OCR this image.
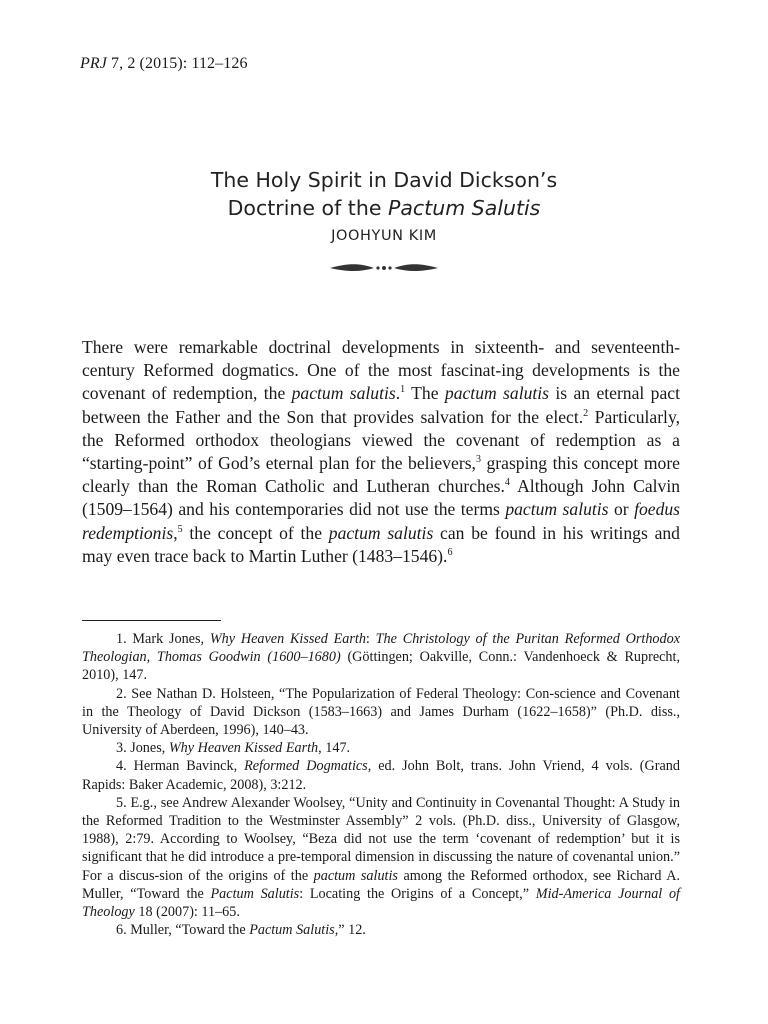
PRJ 7, 2 (2015): 112–126
The Holy Spirit in David Dickson’s
Doctrine of the Pactum Salutis
JOOHYUN KIM

There were remarkable doctrinal developments in sixteenth- and seventeenth-century Reformed dogmatics. One of the most fascinat-ing developments is the covenant of redemption, the pactum salutis.$^1$ The pactum salutis is an eternal pact between the Father and the Son that provides salvation for the elect.$^2$ Particularly, the Reformed orthodox theologians viewed the covenant of redemption as a “starting-point” of God’s eternal plan for the believers,$^3$ grasping this concept more clearly than the Roman Catholic and Lutheran churches.$^4$ Although John Calvin (1509–1564) and his contemporaries did not use the terms pactum salutis or foedus redemptionis,$^5$ the concept of the pactum salutis can be found in his writings and may even trace back to Martin Luther (1483–1546).$^6$

1. Mark Jones, Why Heaven Kissed Earth: The Christology of the Puritan Reformed Orthodox Theologian, Thomas Goodwin (1600–1680) (Göttingen; Oakville, Conn.: Vandenhoeck & Ruprecht, 2010), 147.

2. See Nathan D. Holsteen, “The Popularization of Federal Theology: Con-science and Covenant in the Theology of David Dickson (1583–1663) and James Durham (1622–1658)” (Ph.D. diss., University of Aberdeen, 1996), 140–43.

3. Jones, Why Heaven Kissed Earth, 147.

4. Herman Bavinck, Reformed Dogmatics, ed. John Bolt, trans. John Vriend, 4 vols. (Grand Rapids: Baker Academic, 2008), 3:212.

5. E.g., see Andrew Alexander Woolsey, “Unity and Continuity in Covenantal Thought: A Study in the Reformed Tradition to the Westminster Assembly” 2 vols. (Ph.D. diss., University of Glasgow, 1988), 2:79. According to Woolsey, “Beza did not use the term ‘covenant of redemption’ but it is significant that he did introduce a pre-temporal dimension in discussing the nature of covenantal union.” For a discus-sion of the origins of the pactum salutis among the Reformed orthodox, see Richard A. Muller, “Toward the Pactum Salutis: Locating the Origins of a Concept,” Mid-America Journal of Theology 18 (2007): 11–65.

6. Muller, “Toward the Pactum Salutis,” 12.
